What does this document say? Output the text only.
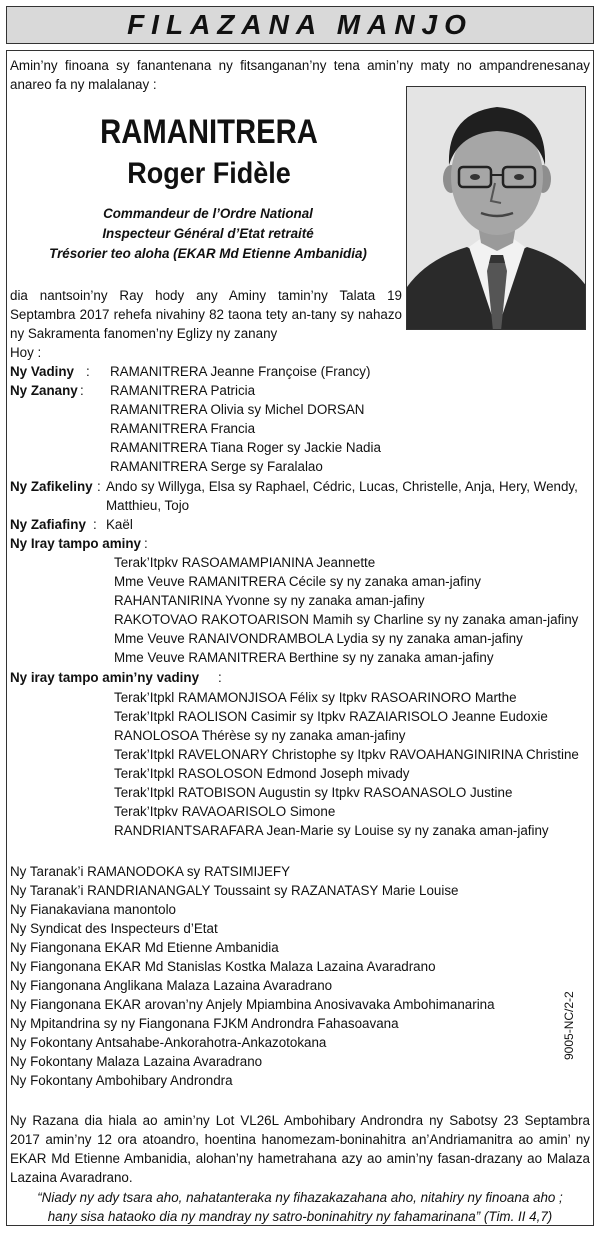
FILAZANA MANJO
Amin’ny finoana sy fanantenana ny fitsanganan’ny tena amin’ny maty no ampandrenesanay anareo fa ny malalanay :
RAMANITRERA
Roger Fidèle
Commandeur de l’Ordre National
Inspecteur Général d’Etat retraité
Trésorier teo aloha (EKAR Md Etienne Ambanidia)
dia nantsoin’ny Ray hody any Aminy tamin’ny Talata 19 Septambra 2017 rehefa nivahiny 82 taona tety an-tany sy nahazo ny Sakramenta fanomen’ny Eglizy ny zanany
Hoy :
Ny Vadiny : RAMANITRERA Jeanne Françoise (Francy)
Ny Zanany : RAMANITRERA Patricia
RAMANITRERA Olivia sy Michel DORSAN
RAMANITRERA Francia
RAMANITRERA Tiana Roger sy Jackie Nadia
RAMANITRERA Serge sy Faralalao
Ny Zafikeliny : Ando sy Willyga, Elsa sy Raphael, Cédric, Lucas, Christelle, Anja, Hery, Wendy,
Matthieu, Tojo
Ny Zafiafiny : Kaël
Ny Iray tampo aminy :
Terak’Itpkv RASOAMAMPIANINA Jeannette
Mme Veuve RAMANITRERA Cécile sy ny zanaka aman-jafiny
RAHANTANIRINA Yvonne sy ny zanaka aman-jafiny
RAKOTOVAO RAKOTOARISON Mamih sy Charline sy ny zanaka aman-jafiny
Mme Veuve RANAIVONDRAMBOLA Lydia sy ny zanaka aman-jafiny
Mme Veuve RAMANITRERA Berthine sy ny zanaka aman-jafiny
Ny iray tampo amin’ny vadiny :
Terak’Itpkl RAMAMONJISOA Félix sy Itpkv RASOARINORO Marthe
Terak’Itpkl RAOLISON Casimir sy Itpkv RAZAIARISOLO Jeanne Eudoxie
RANOLOSOA Thérèse sy ny zanaka aman-jafiny
Terak’Itpkl RAVELONARY Christophe sy Itpkv RAVOAHANGINIRINA Christine
Terak’Itpkl RASOLOSON Edmond Joseph mivady
Terak’Itpkl RATOBISON Augustin sy Itpkv RASOANASOLO Justine
Terak’Itpkv RAVAOARISOLO Simone
RANDRIANTSARAFARA Jean-Marie sy Louise sy ny zanaka aman-jafiny
Ny Taranak’i RAMANODOKA sy RATSIMIJEFY
Ny Taranak’i RANDRIANANGALY Toussaint sy RAZANATASY Marie Louise
Ny Fianakaviana manontolo
Ny Syndicat des Inspecteurs d’Etat
Ny Fiangonana EKAR Md Etienne Ambanidia
Ny Fiangonana EKAR Md Stanislas Kostka Malaza Lazaina Avaradrano
Ny Fiangonana Anglikana Malaza Lazaina Avaradrano
Ny Fiangonana EKAR arovan’ny Anjely Mpiambina Anosivavaka Ambohimanarina
Ny Mpitandrina sy ny Fiangonana FJKM Androndra Fahasoavana
Ny Fokontany Antsahabe-Ankorahotra-Ankazotokana
Ny Fokontany Malaza Lazaina Avaradrano
Ny Fokontany Ambohibary Androndra
9005-NC/2-2
Ny Razana dia hiala ao amin’ny Lot VL26L Ambohibary Androndra ny Sabotsy 23 Septambra 2017 amin’ny 12 ora atoandro, hoentina hanomezam-boninahitra an’Andriamanitra ao amin’ ny EKAR Md Etienne Ambanidia, alohan’ny hametrahana azy ao amin’ny fasan-drazany ao Malaza Lazaina Avaradrano.
“Niady ny ady tsara aho, nahatanteraka ny fihazakazahana aho, nitahiry ny finoana aho ;
hany sisa hataoko dia ny mandray ny satro-boninahitry ny fahamarinana” (Tim. II 4,7)
